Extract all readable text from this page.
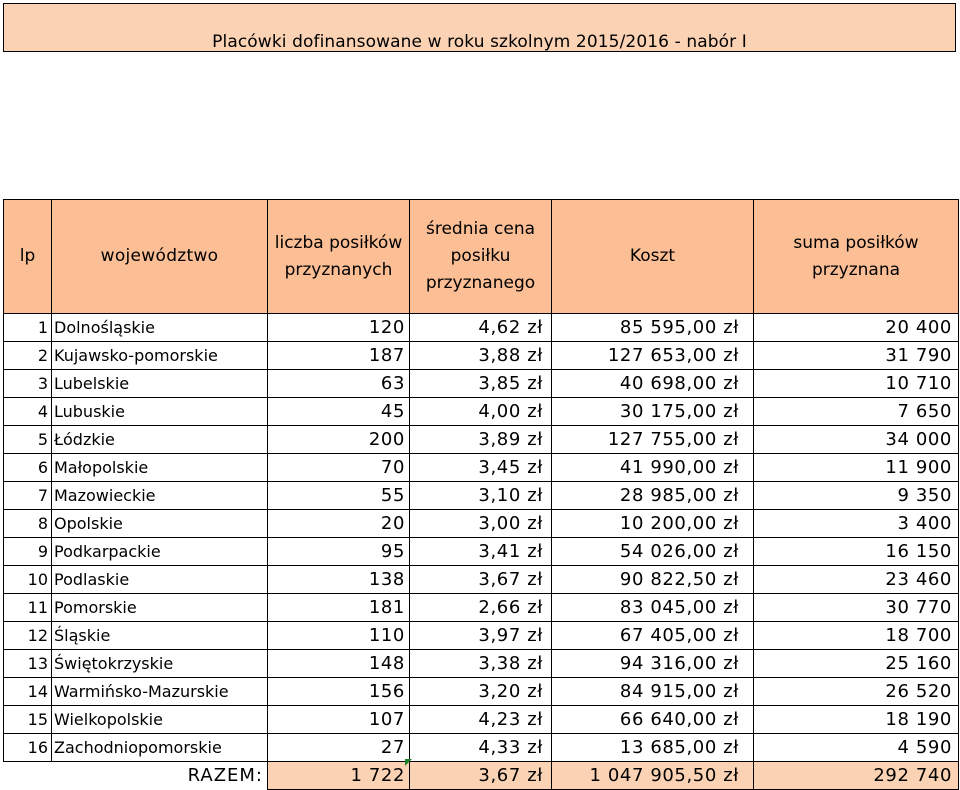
Placówki dofinansowane w roku szkolnym 2015/2016 - nabór I
lp	województwo	liczba posiłków przyznanych	średnia cena posiłku przyznanego	Koszt	suma posiłków przyznana
1	Dolnośląskie	120	4,62 zł	85 595,00 zł	20 400
2	Kujawsko-pomorskie	187	3,88 zł	127 653,00 zł	31 790
3	Lubelskie	63	3,85 zł	40 698,00 zł	10 710
4	Lubuskie	45	4,00 zł	30 175,00 zł	7 650
5	Łódzkie	200	3,89 zł	127 755,00 zł	34 000
6	Małopolskie	70	3,45 zł	41 990,00 zł	11 900
7	Mazowieckie	55	3,10 zł	28 985,00 zł	9 350
8	Opolskie	20	3,00 zł	10 200,00 zł	3 400
9	Podkarpackie	95	3,41 zł	54 026,00 zł	16 150
10	Podlaskie	138	3,67 zł	90 822,50 zł	23 460
11	Pomorskie	181	2,66 zł	83 045,00 zł	30 770
12	Śląskie	110	3,97 zł	67 405,00 zł	18 700
13	Świętokrzyskie	148	3,38 zł	94 316,00 zł	25 160
14	Warmińsko-Mazurskie	156	3,20 zł	84 915,00 zł	26 520
15	Wielkopolskie	107	4,23 zł	66 640,00 zł	18 190
16	Zachodniopomorskie	27	4,33 zł	13 685,00 zł	4 590
RAZEM:		1 722	3,67 zł	1 047 905,50 zł	292 740
